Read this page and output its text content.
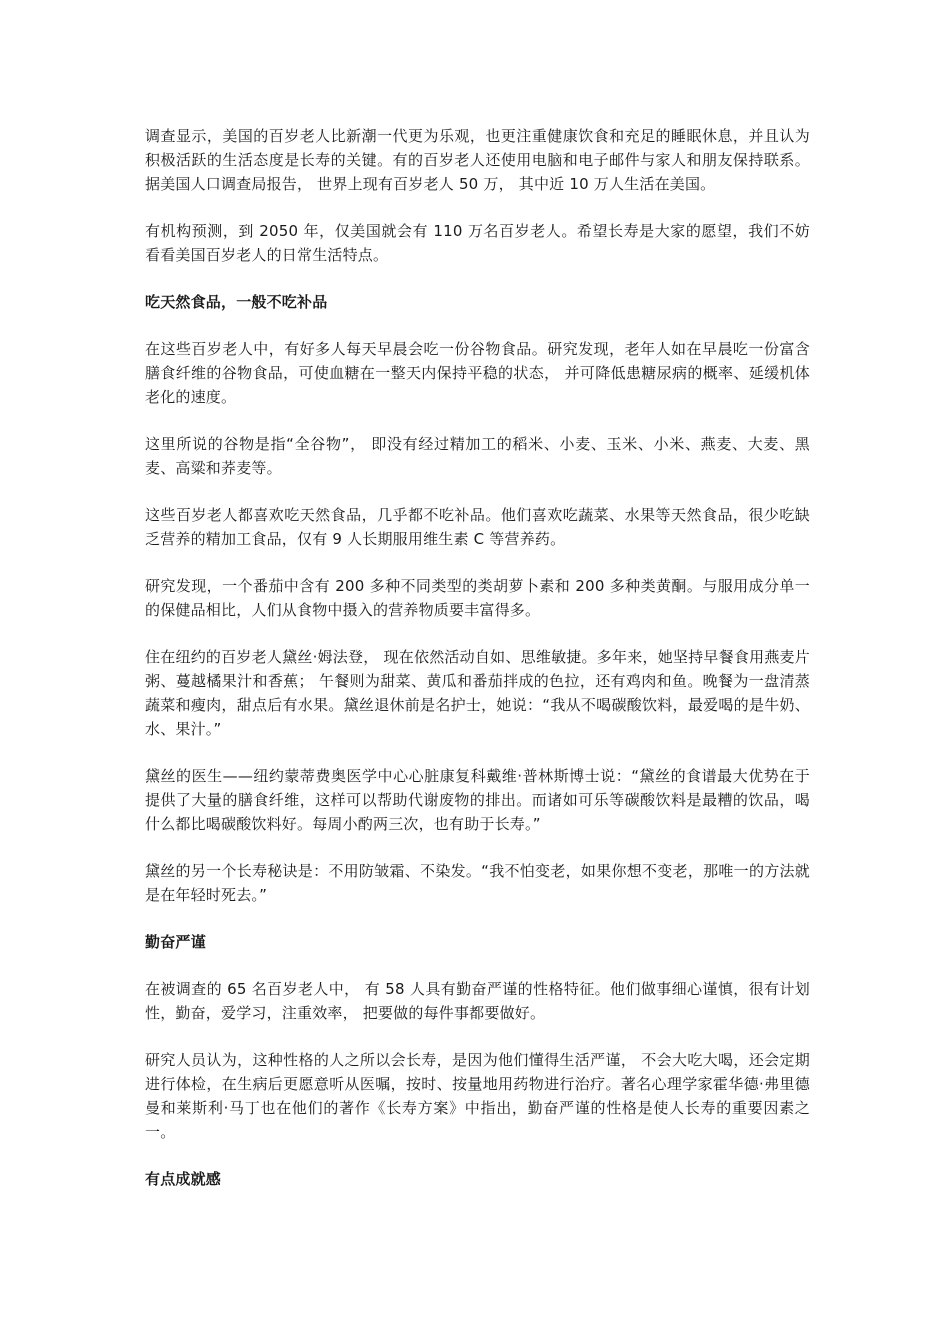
调查显示，美国的百岁老人比新潮一代更为乐观，也更注重健康饮食和充足的睡眠休息，并且认为积极活跃的生活态度是长寿的关键。有的百岁老人还使用电脑和电子邮件与家人和朋友保持联系。据美国人口调查局报告， 世界上现有百岁老人 50 万， 其中近 10 万人生活在美国。

有机构预测，到 2050 年，仅美国就会有 110 万名百岁老人。希望长寿是大家的愿望，我们不妨看看美国百岁老人的日常生活特点。

吃天然食品，一般不吃补品

在这些百岁老人中，有好多人每天早晨会吃一份谷物食品。研究发现，老年人如在早晨吃一份富含膳食纤维的谷物食品，可使血糖在一整天内保持平稳的状态， 并可降低患糖尿病的概率、延缓机体老化的速度。

这里所说的谷物是指“全谷物”， 即没有经过精加工的稻米、小麦、玉米、小米、燕麦、大麦、黑麦、高粱和荞麦等。

这些百岁老人都喜欢吃天然食品，几乎都不吃补品。他们喜欢吃蔬菜、水果等天然食品，很少吃缺乏营养的精加工食品，仅有 9 人长期服用维生素 C 等营养药。

研究发现，一个番茄中含有 200 多种不同类型的类胡萝卜素和 200 多种类黄酮。与服用成分单一的保健品相比，人们从食物中摄入的营养物质要丰富得多。

住在纽约的百岁老人黛丝·姆法登， 现在依然活动自如、思维敏捷。多年来，她坚持早餐食用燕麦片粥、蔓越橘果汁和香蕉； 午餐则为甜菜、黄瓜和番茄拌成的色拉，还有鸡肉和鱼。晚餐为一盘清蒸蔬菜和瘦肉，甜点后有水果。黛丝退休前是名护士，她说：“我从不喝碳酸饮料，最爱喝的是牛奶、水、果汁。”

黛丝的医生——纽约蒙蒂费奥医学中心心脏康复科戴维·普林斯博士说：“黛丝的食谱最大优势在于提供了大量的膳食纤维，这样可以帮助代谢废物的排出。而诸如可乐等碳酸饮料是最糟的饮品，喝什么都比喝碳酸饮料好。每周小酌两三次，也有助于长寿。”

黛丝的另一个长寿秘诀是：不用防皱霜、不染发。“我不怕变老，如果你想不变老，那唯一的方法就是在年轻时死去。”

勤奋严谨

在被调查的 65 名百岁老人中， 有 58 人具有勤奋严谨的性格特征。他们做事细心谨慎，很有计划性，勤奋，爱学习，注重效率， 把要做的每件事都要做好。

研究人员认为，这种性格的人之所以会长寿，是因为他们懂得生活严谨， 不会大吃大喝，还会定期进行体检，在生病后更愿意听从医嘱，按时、按量地用药物进行治疗。著名心理学家霍华德·弗里德曼和莱斯利·马丁也在他们的著作《长寿方案》中指出，勤奋严谨的性格是使人长寿的重要因素之一。

有点成就感
